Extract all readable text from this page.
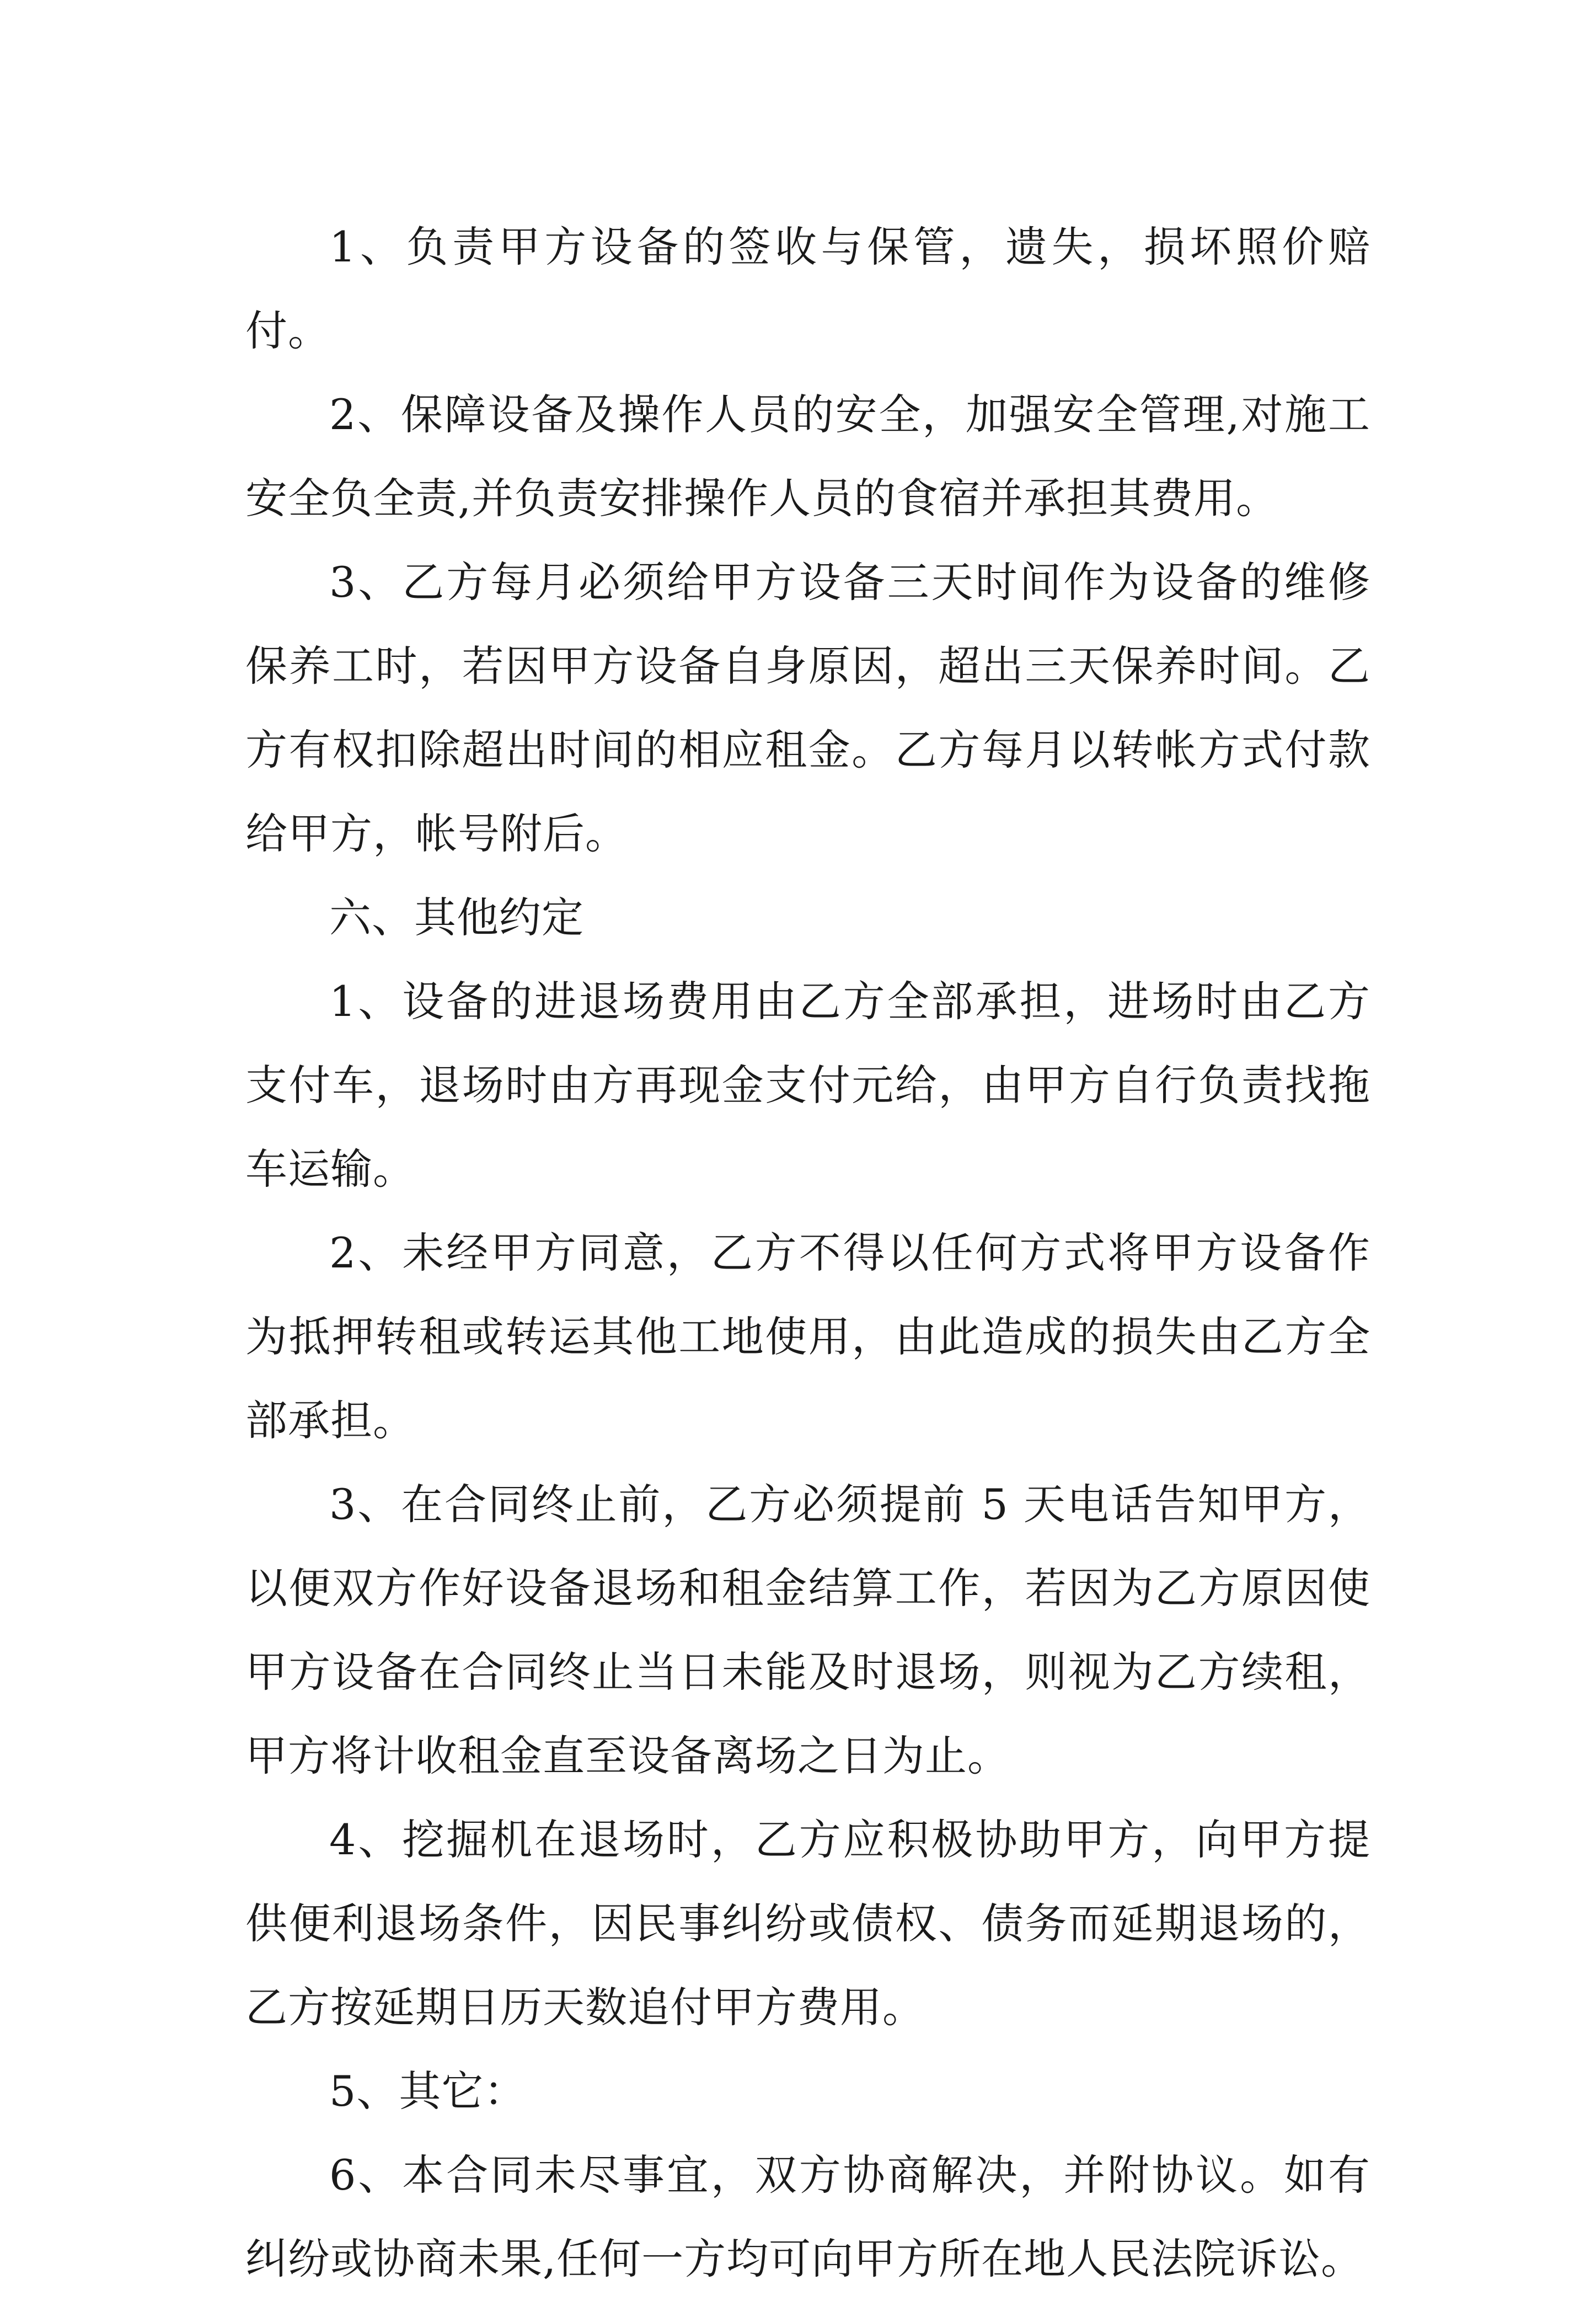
1、负责甲方设备的签收与保管，遗失，损坏照价赔付。

2、保障设备及操作人员的安全，加强安全管理,对施工安全负全责,并负责安排操作人员的食宿并承担其费用。

3、乙方每月必须给甲方设备三天时间作为设备的维修保养工时，若因甲方设备自身原因，超出三天保养时间。乙方有权扣除超出时间的相应租金。乙方每月以转帐方式付款给甲方，帐号附后。

六、其他约定

1、设备的进退场费用由乙方全部承担，进场时由乙方支付车，退场时由方再现金支付元给，由甲方自行负责找拖车运输。

2、未经甲方同意，乙方不得以任何方式将甲方设备作为抵押转租或转运其他工地使用，由此造成的损失由乙方全部承担。

3、在合同终止前，乙方必须提前 5 天电话告知甲方，以便双方作好设备退场和租金结算工作，若因为乙方原因使甲方设备在合同终止当日未能及时退场，则视为乙方续租，甲方将计收租金直至设备离场之日为止。

4、挖掘机在退场时，乙方应积极协助甲方，向甲方提供便利退场条件，因民事纠纷或债权、债务而延期退场的，乙方按延期日历天数追付甲方费用。

5、其它：

6、本合同未尽事宜，双方协商解决，并附协议。如有纠纷或协商未果,任何一方均可向甲方所在地人民法院诉讼。
